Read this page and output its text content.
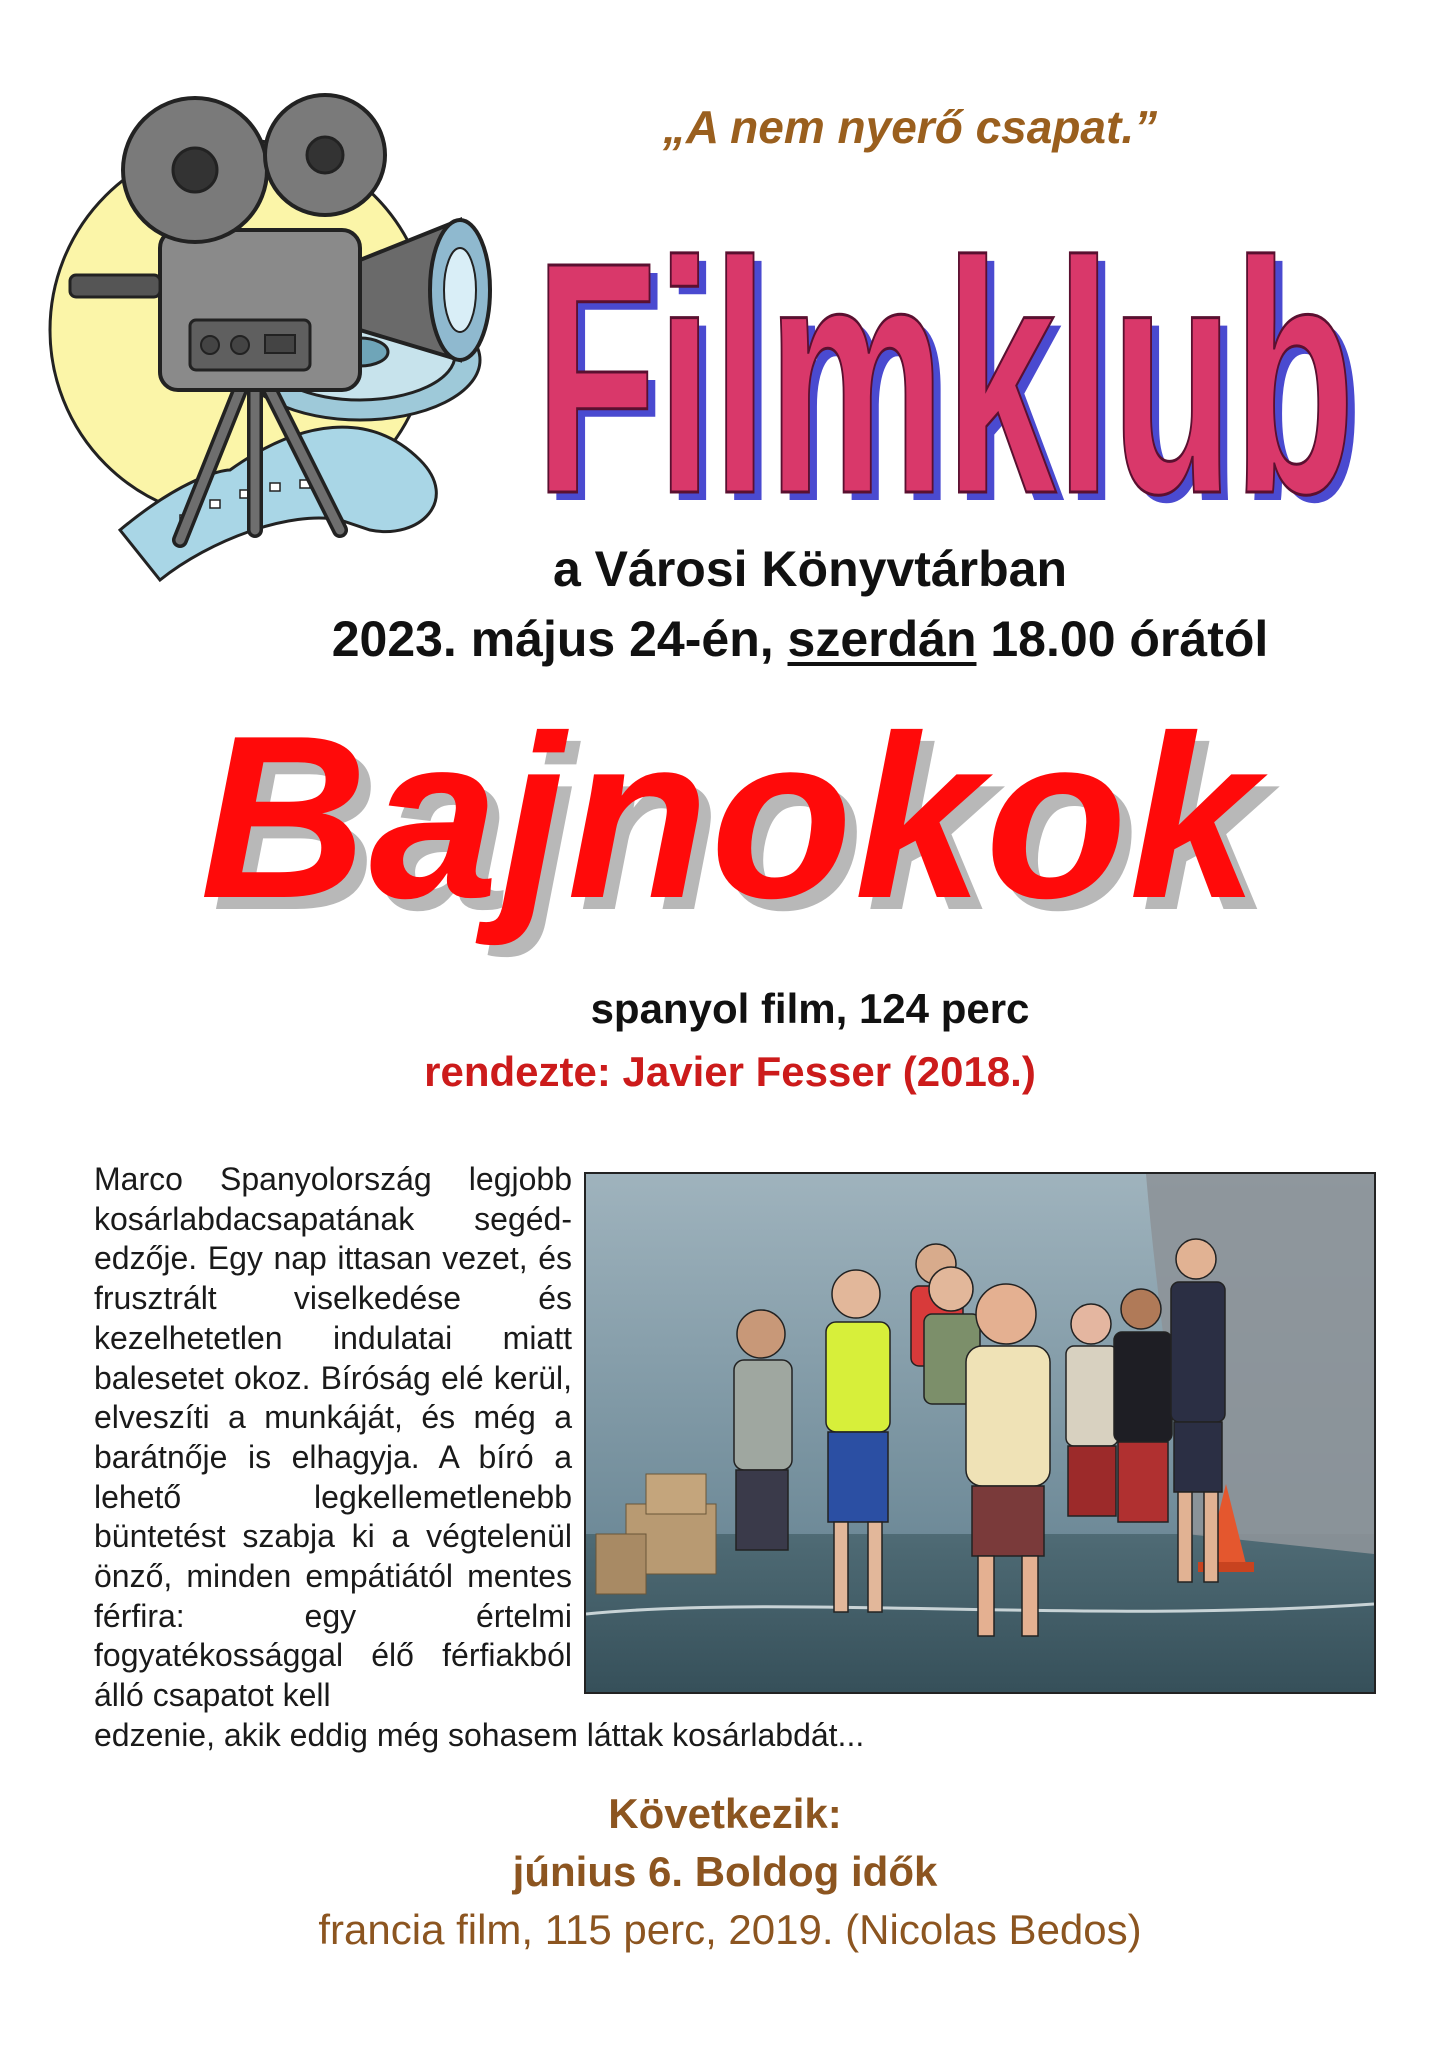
„A nem nyerő csapat.”
Filmklub
Filmklub
a Városi Könyvtárban
2023. május 24-én, szerdán 18.00 órától
Bajnokok
spanyol film, 124 perc
rendezte: Javier Fesser (2018.)
Marco Spanyolország legjobb kosárlabdacsapatának segédedzője. Egy nap ittasan vezet, és frusztrált viselkedése és kezelhetetlen indulatai miatt balesetet okoz. Bíróság elé kerül, elveszíti a munkáját, és még a barátnője is elhagyja. A bíró a lehető legkellemetlenebb büntetést szabja ki a végtelenül önző, minden empátiától mentes férfira: egy értelmi fogyatékossággal élő férfiakból álló csapatot kell
edzenie, akik eddig még sohasem láttak kosárlabdát...
Következik:
június 6. Boldog idők
francia film, 115 perc, 2019. (Nicolas Bedos)
